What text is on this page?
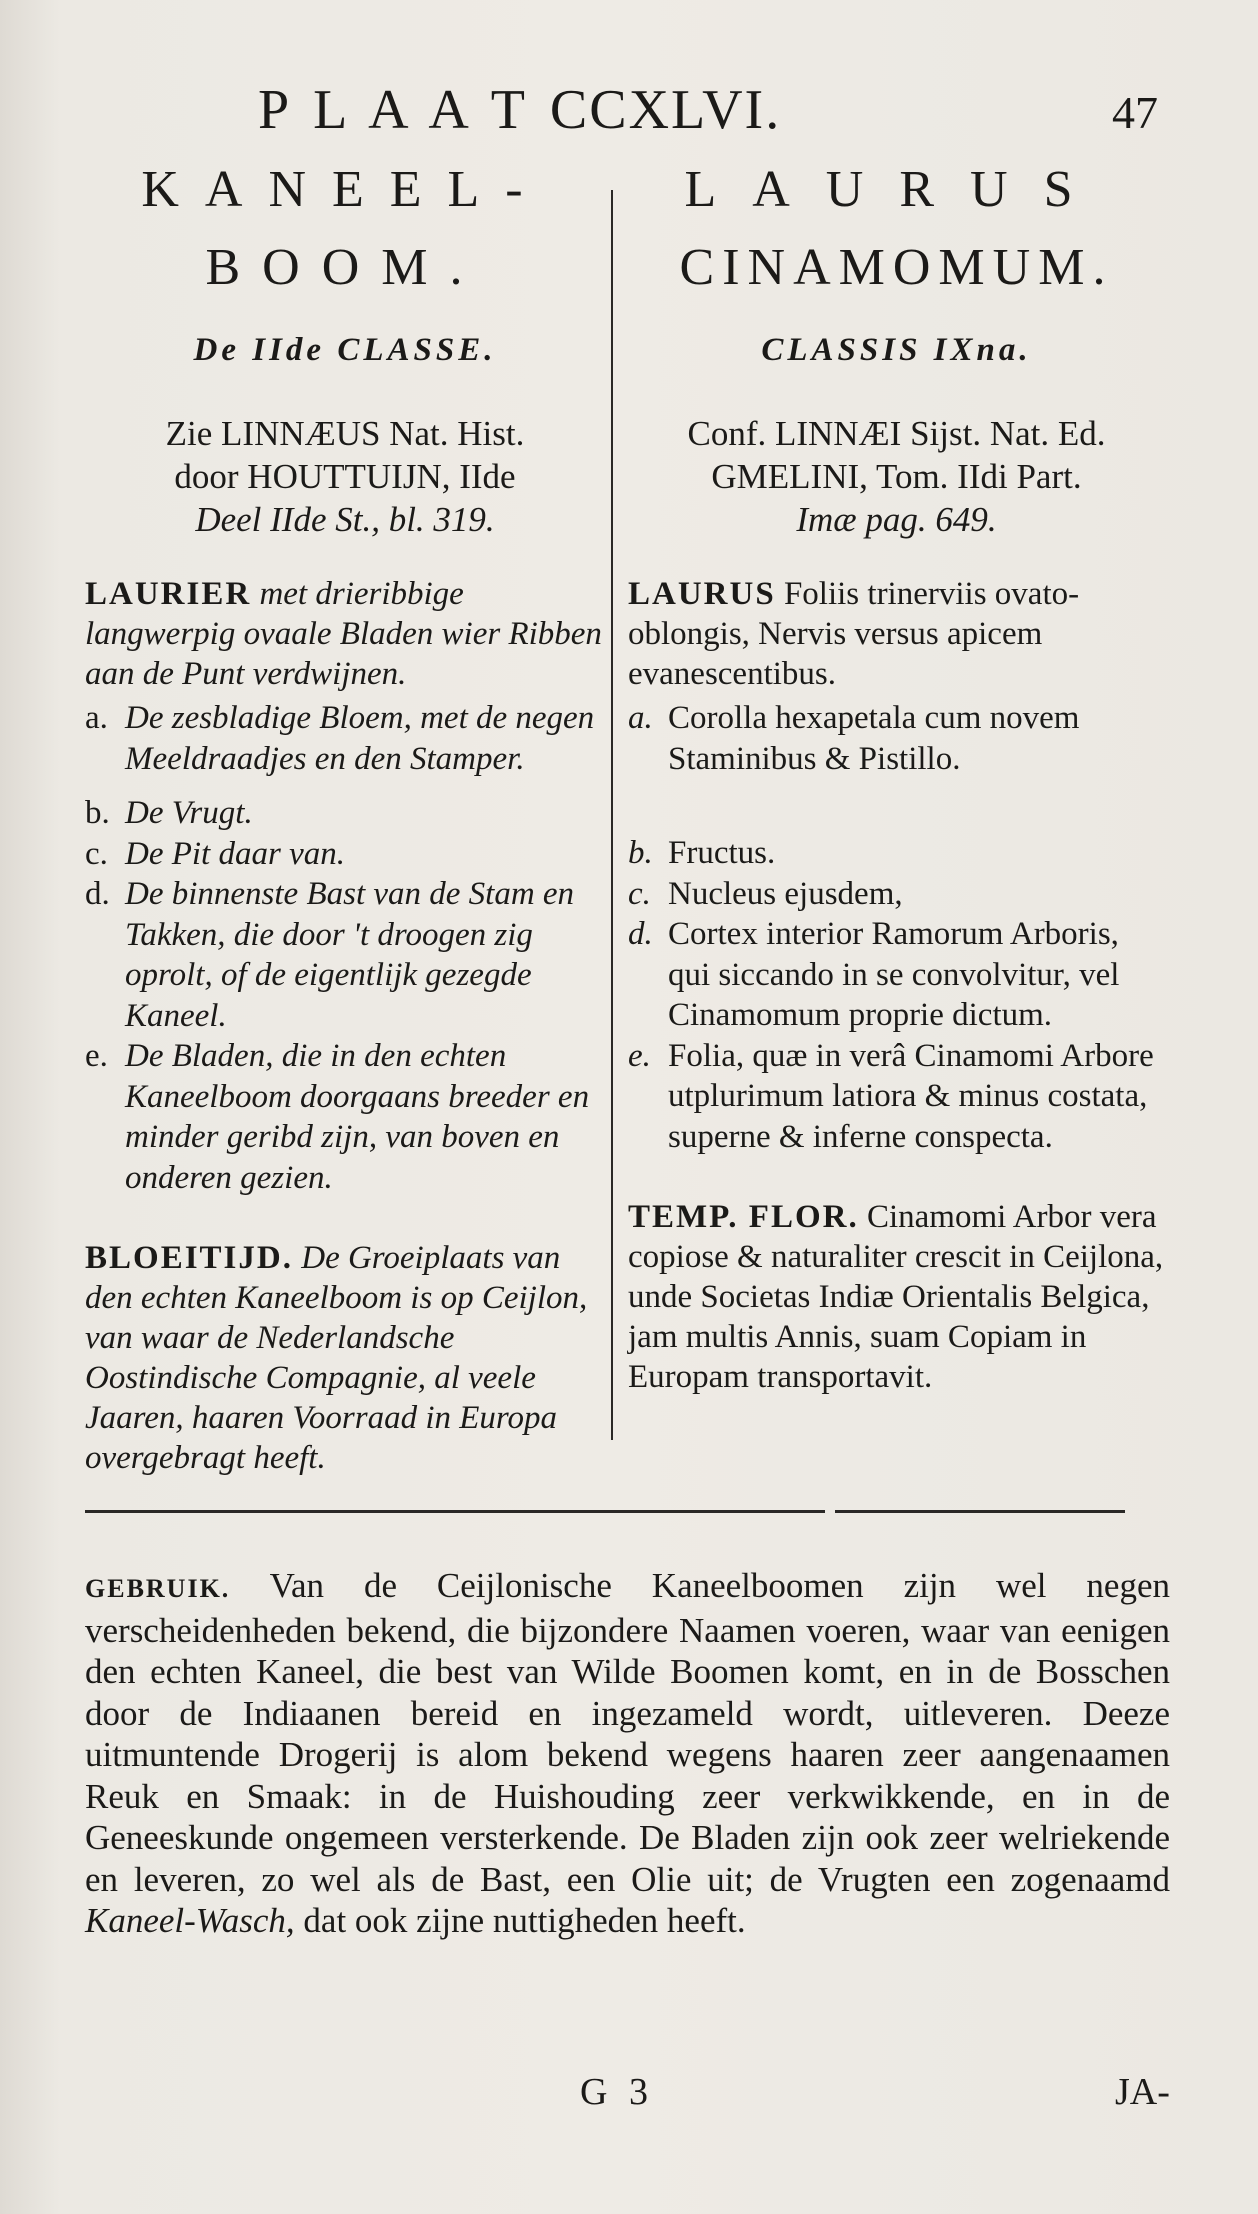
P L A A T CCXLVI.	47
KANEEL-
BOOM.
De IIde CLASSE.
Zie LINNÆUS Nat. Hist.
door HOUTTUIJN, IIde
Deel IIde St., bl. 319.
LAURIER met drieribbige langwerpig ovaale Bladen wier Ribben aan de Punt verdwijnen.
a. De zesbladige Bloem, met de negen Meeldraadjes en den Stamper.
b. De Vrugt.
c. De Pit daar van.
d. De binnenste Bast van de Stam en Takken, die door 't droogen zig oprolt, of de eigentlijk gezegde Kaneel.
e. De Bladen, die in den echten Kaneelboom doorgaans breeder en minder geribd zijn, van boven en onderen gezien.
BLOEITIJD. De Groeiplaats van den echten Kaneelboom is op Ceijlon, van waar de Nederlandsche Oostindische Compagnie, al veele Jaaren, haaren Voorraad in Europa overgebragt heeft.
LAURUS
CINAMOMUM.
CLASSIS IXna.
Conf. LINNÆI Sijst. Nat. Ed.
GMELINI, Tom. IIdi Part.
Imæ pag. 649.
LAURUS Foliis trinerviis ovato-oblongis, Nervis versus apicem evanescentibus.
a. Corolla hexapetala cum novem Staminibus & Pistillo.
b. Fructus.
c. Nucleus ejusdem,
d. Cortex interior Ramorum Arboris, qui siccando in se convolvitur, vel Cinamomum proprie dictum.
e. Folia, quæ in verâ Cinamomi Arbore utplurimum latiora & minus costata, superne & inferne conspecta.
TEMP. FLOR. Cinamomi Arbor vera copiose & naturaliter crescit in Ceijlona, unde Societas Indiæ Orientalis Belgica, jam multis Annis, suam Copiam in Europam transportavit.
GEBRUIK. Van de Ceijlonische Kaneelboomen zijn wel negen verscheidenheden bekend, die bijzondere Naamen voeren, waar van eenigen den echten Kaneel, die best van Wilde Boomen komt, en in de Bosschen door de Indiaanen bereid en ingezameld wordt, uitleveren. Deeze uitmuntende Drogerij is alom bekend wegens haaren zeer aangenaamen Reuk en Smaak: in de Huishouding zeer verkwikkende, en in de Geneeskunde ongemeen versterkende. De Bladen zijn ook zeer welriekende en leveren, zo wel als de Bast, een Olie uit; de Vrugten een zogenaamd Kaneel-Wasch, dat ook zijne nuttigheden heeft.
G 3	JA-
